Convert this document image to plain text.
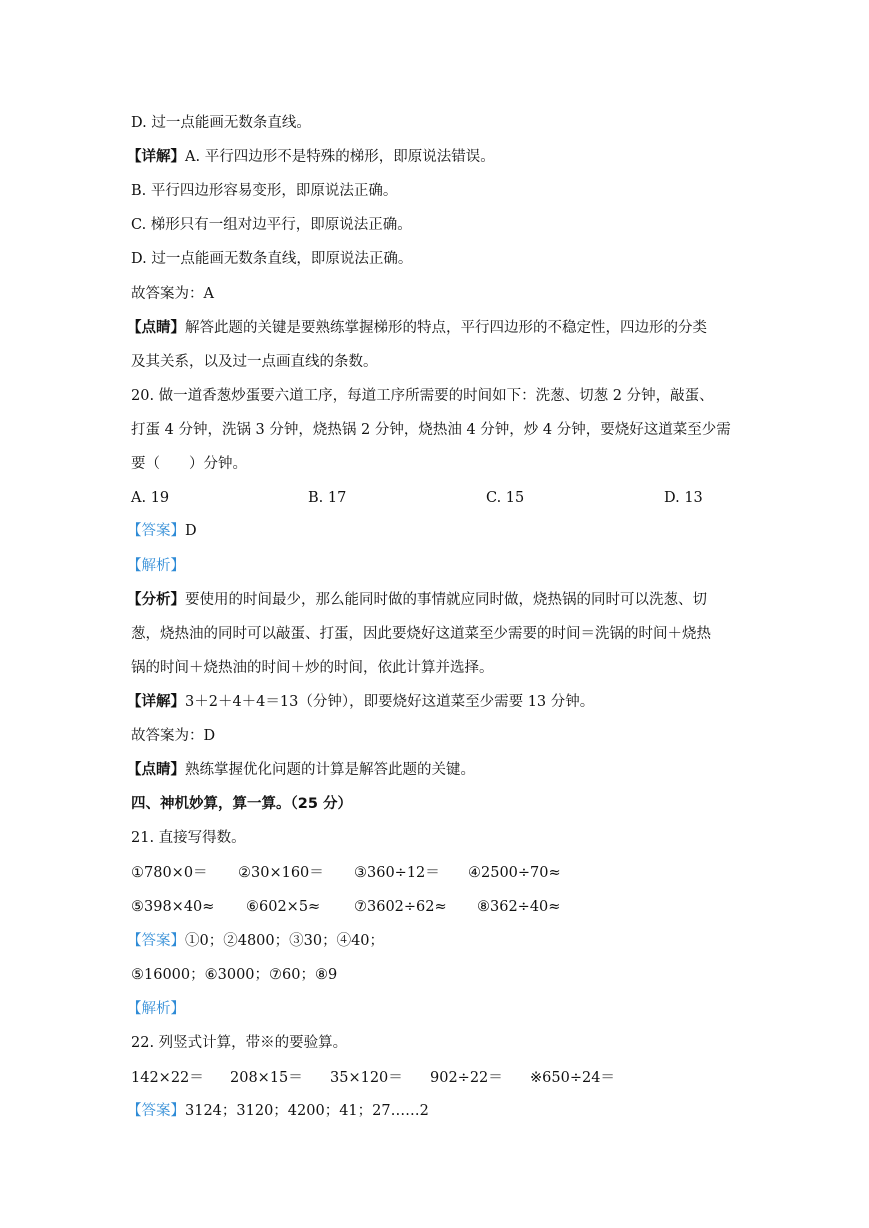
D. 过一点能画无数条直线。
【详解】A. 平行四边形不是特殊的梯形，即原说法错误。
B. 平行四边形容易变形，即原说法正确。
C. 梯形只有一组对边平行，即原说法正确。
D. 过一点能画无数条直线，即原说法正确。
故答案为：A
【点睛】解答此题的关键是要熟练掌握梯形的特点，平行四边形的不稳定性，四边形的分类
及其关系，以及过一点画直线的条数。
20. 做一道香葱炒蛋要六道工序，每道工序所需要的时间如下：洗葱、切葱 2 分钟，敲蛋、
打蛋 4 分钟，洗锅 3 分钟，烧热锅 2 分钟，烧热油 4 分钟，炒 4 分钟，要烧好这道菜至少需
要（　　）分钟。
A. 19	B. 17	C. 15	D. 13
【答案】D
【解析】
【分析】要使用的时间最少，那么能同时做的事情就应同时做，烧热锅的同时可以洗葱、切
葱，烧热油的同时可以敲蛋、打蛋，因此要烧好这道菜至少需要的时间＝洗锅的时间＋烧热
锅的时间＋烧热油的时间＋炒的时间，依此计算并选择。
【详解】3＋2＋4＋4＝13（分钟），即要烧好这道菜至少需要 13 分钟。
故答案为：D
【点睛】熟练掌握优化问题的计算是解答此题的关键。
四、神机妙算，算一算。（25 分）
21. 直接写得数。
①780×0＝ ②30×160＝ ③360÷12＝ ④2500÷70≈
⑤398×40≈ ⑥602×5≈ ⑦3602÷62≈ ⑧362÷40≈
【答案】①0；②4800；③30；④40；
⑤16000；⑥3000；⑦60；⑧9
【解析】
22. 列竖式计算，带※的要验算。
142×22＝ 208×15＝ 35×120＝ 902÷22＝ ※650÷24＝
【答案】3124；3120；4200；41；27……2
